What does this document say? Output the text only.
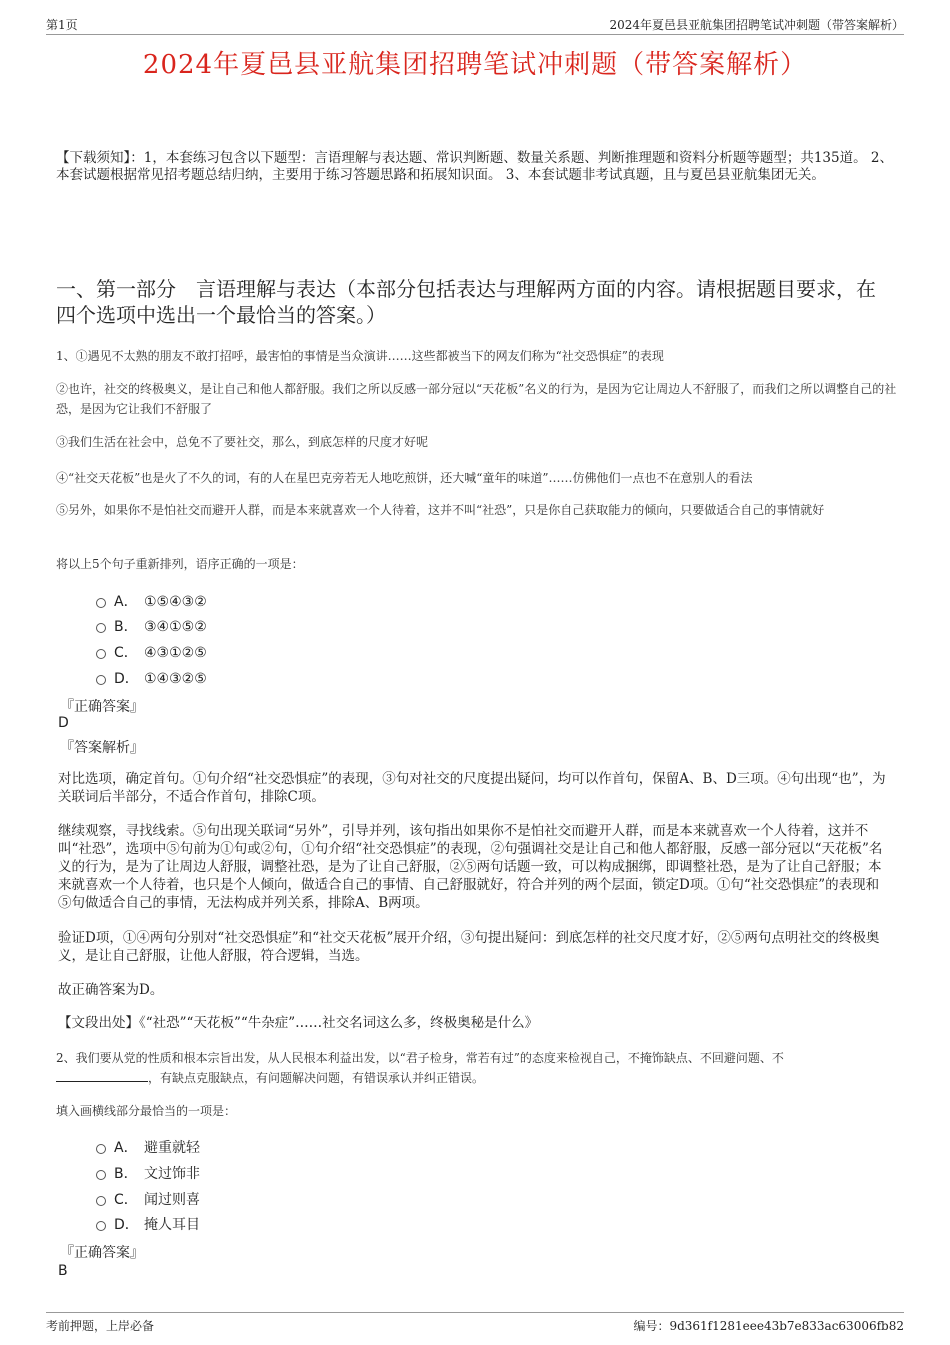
第1页	2024年夏邑县亚航集团招聘笔试冲刺题（带答案解析）
2024年夏邑县亚航集团招聘笔试冲刺题（带答案解析）
【下载须知】：1，本套练习包含以下题型：言语理解与表达题、常识判断题、数量关系题、判断推理题和资料分析题等题型；共135道。 2、本套试题根据常见招考题总结归纳，主要用于练习答题思路和拓展知识面。 3、本套试题非考试真题，且与夏邑县亚航集团无关。
一、第一部分　言语理解与表达（本部分包括表达与理解两方面的内容。请根据题目要求，在四个选项中选出一个最恰当的答案。）
1、①遇见不太熟的朋友不敢打招呼，最害怕的事情是当众演讲……这些都被当下的网友们称为“社交恐惧症”的表现
②也许，社交的终极奥义，是让自己和他人都舒服。我们之所以反感一部分冠以“天花板”名义的行为，是因为它让周边人不舒服了，而我们之所以调整自己的社恐，是因为它让我们不舒服了
③我们生活在社会中，总免不了要社交，那么，到底怎样的尺度才好呢
④“社交天花板”也是火了不久的词，有的人在星巴克旁若无人地吃煎饼，还大喊“童年的味道”……仿佛他们一点也不在意别人的看法
⑤另外，如果你不是怕社交而避开人群，而是本来就喜欢一个人待着，这并不叫“社恐”，只是你自己获取能力的倾向，只要做适合自己的事情就好
将以上5个句子重新排列，语序正确的一项是：
A． ①⑤④③②
B． ③④①⑤②
C． ④③①②⑤
D． ①④③②⑤
『正确答案』
D
『答案解析』
对比选项，确定首句。①句介绍“社交恐惧症”的表现，③句对社交的尺度提出疑问，均可以作首句，保留A、B、D三项。④句出现“也”，为关联词后半部分，不适合作首句，排除C项。
继续观察，寻找线索。⑤句出现关联词“另外”，引导并列，该句指出如果你不是怕社交而避开人群，而是本来就喜欢一个人待着，这并不叫“社恐”，选项中⑤句前为①句或②句，①句介绍“社交恐惧症”的表现，②句强调社交是让自己和他人都舒服，反感一部分冠以“天花板”名义的行为，是为了让周边人舒服，调整社恐，是为了让自己舒服，②⑤两句话题一致，可以构成捆绑，即调整社恐，是为了让自己舒服；本来就喜欢一个人待着，也只是个人倾向，做适合自己的事情、自己舒服就好，符合并列的两个层面，锁定D项。①句“社交恐惧症”的表现和⑤句做适合自己的事情，无法构成并列关系，排除A、B两项。
验证D项，①④两句分别对“社交恐惧症”和“社交天花板”展开介绍，③句提出疑问：到底怎样的社交尺度才好，②⑤两句点明社交的终极奥义，是让自己舒服，让他人舒服，符合逻辑，当选。
故正确答案为D。
【文段出处】《“社恐”“天花板”“牛杂症”……社交名词这么多，终极奥秘是什么》
2、我们要从党的性质和根本宗旨出发，从人民根本利益出发，以“君子检身，常若有过”的态度来检视自己，不掩饰缺点、不回避问题、不
，有缺点克服缺点，有问题解决问题，有错误承认并纠正错误。
填入画横线部分最恰当的一项是：
A． 避重就轻
B． 文过饰非
C． 闻过则喜
D． 掩人耳目
『正确答案』
B
考前押题，上岸必备	编号：9d361f1281eee43b7e833ac63006fb82
